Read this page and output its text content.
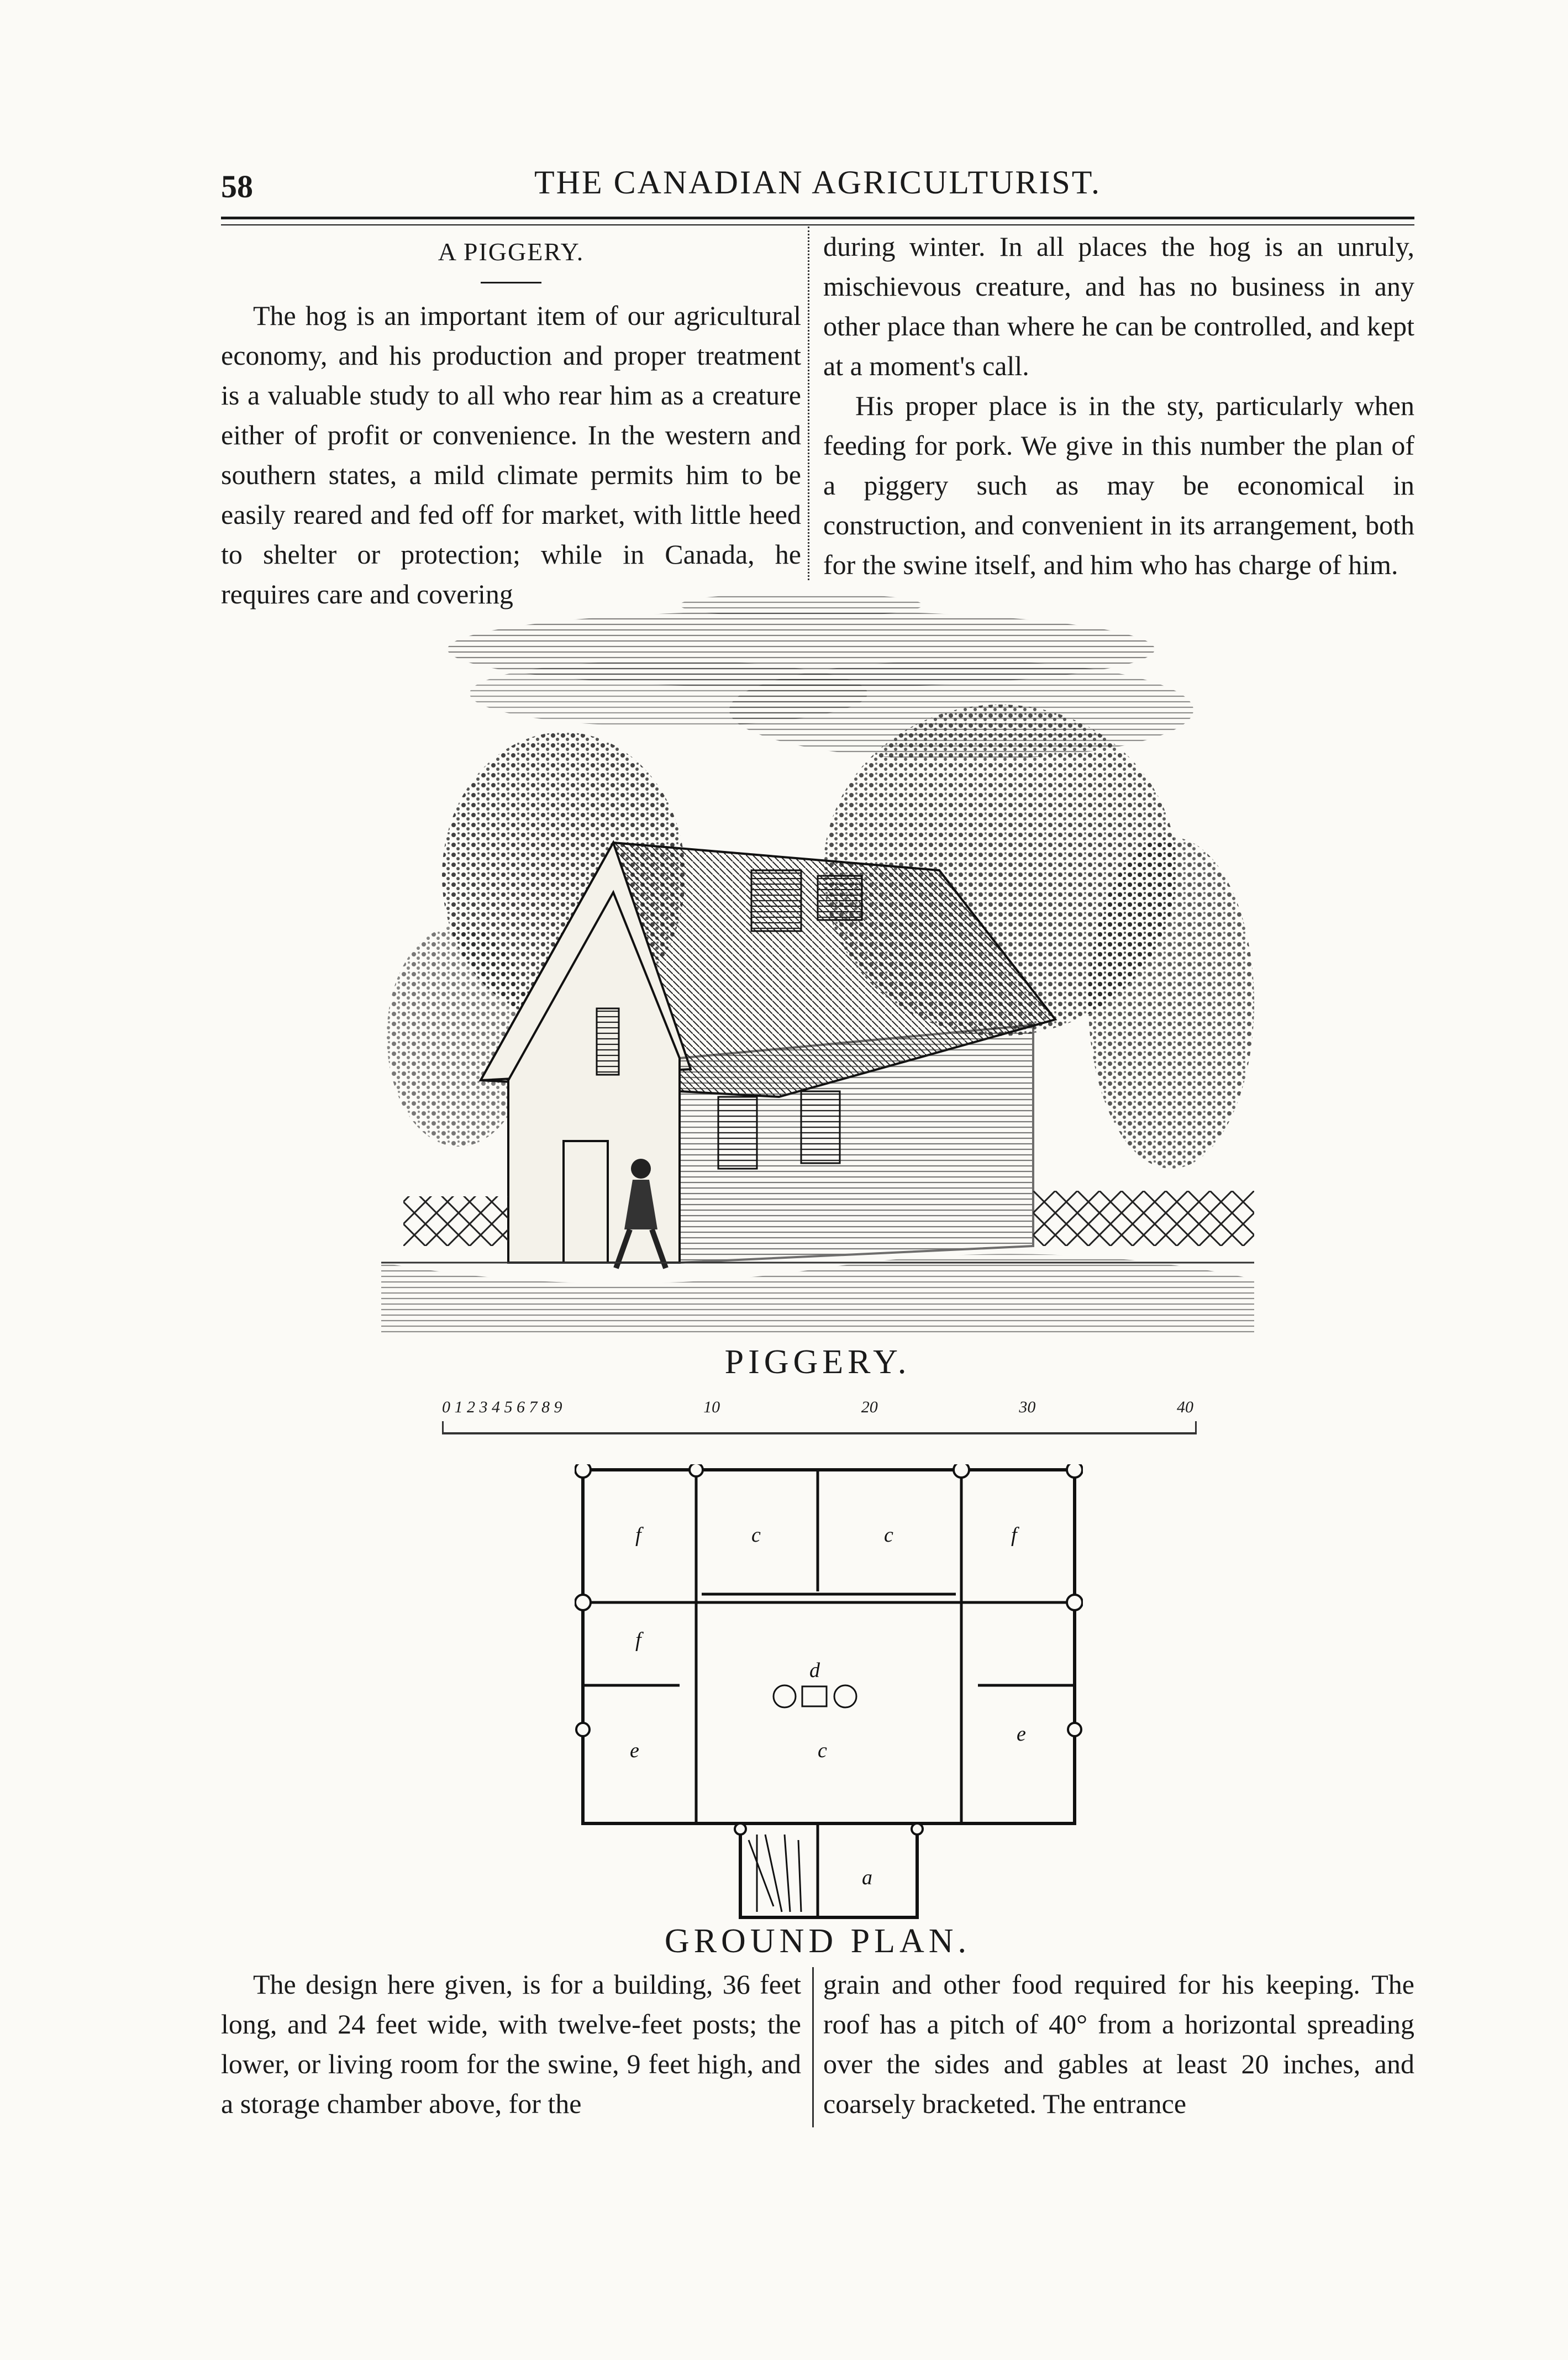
58	THE CANADIAN AGRICULTURIST.

A PIGGERY.

The hog is an important item of our agricultural economy, and his production and proper treatment is a valuable study to all who rear him as a creature either of profit or convenience. In the western and southern states, a mild climate permits him to be easily reared and fed off for market, with little heed to shelter or protection; while in Canada, he requires care and covering

during winter. In all places the hog is an unruly, mischievous creature, and has no business in any other place than where he can be controlled, and kept at a moment's call.

His proper place is in the sty, particularly when feeding for pork. We give in this number the plan of a piggery such as may be economical in construction, and convenient in its arrangement, both for the swine itself, and him who has charge of him.

PIGGERY.
0 1 2 3 4 5 6 7 8 9	10	20	30	40
f	c	c	f
f
d
e	c
e
a
GROUND PLAN.

The design here given, is for a building, 36 feet long, and 24 feet wide, with twelve-feet posts; the lower, or living room for the swine, 9 feet high, and a storage chamber above, for the

grain and other food required for his keeping. The roof has a pitch of 40° from a horizontal spreading over the sides and gables at least 20 inches, and coarsely bracketed. The entrance
